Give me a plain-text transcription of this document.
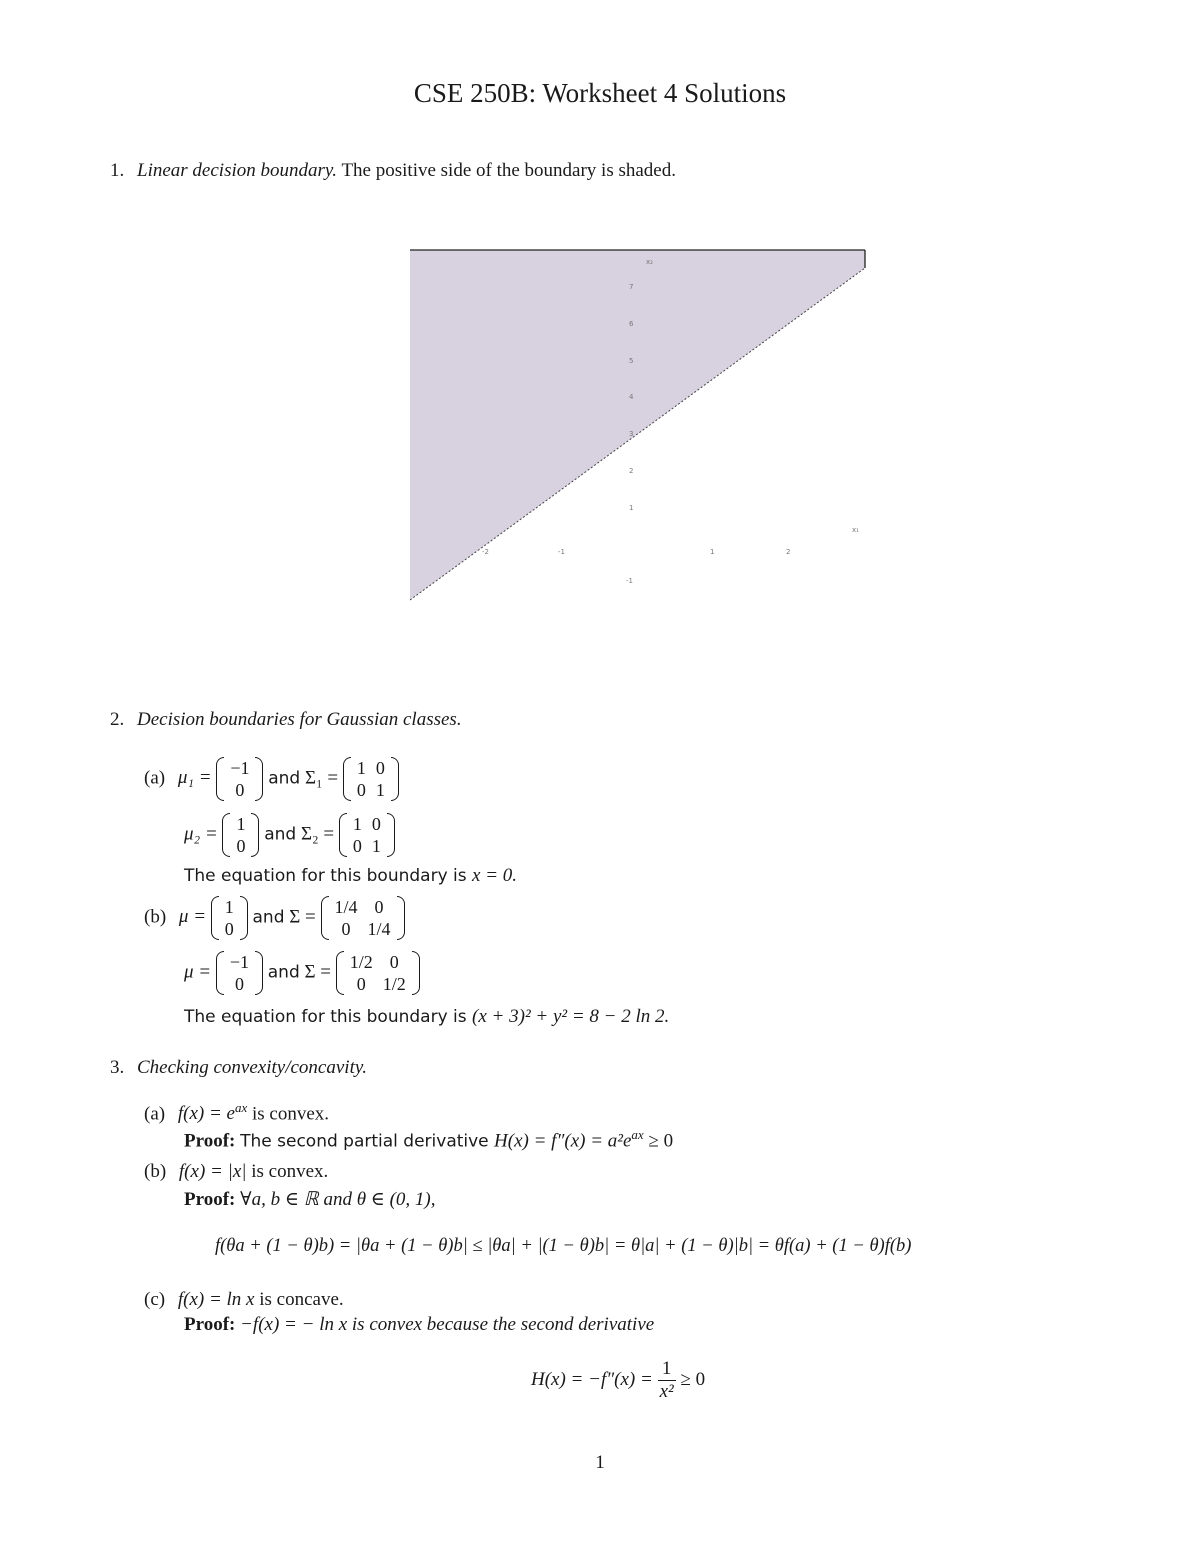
CSE 250B: Worksheet 4 Solutions
1. Linear decision boundary. The positive side of the boundary is shaded.
x₂
7
6
5
4
3
2
1
-1
x₁
-2	-1	1	2
2. Decision boundaries for Gaussian classes.
(a) μ₁ = −1
0
and Σ₁ = 1	0
0	1
μ₂ = 1
0
and Σ₂ = 1	0
0	1
The equation for this boundary is x = 0.
(b) μ = 1
0
and Σ = 1/4	0
0	1/4
μ = −1
0
and Σ = 1/2	0
0	1/2
The equation for this boundary is (x + 3)² + y² = 8 − 2 ln 2.
3. Checking convexity/concavity.
(a) $f(x) = e^{ax}$ is convex.
Proof: The second partial derivative $H(x) = f''(x) = a^2e^{ax} \ge 0$
(b) f(x) = |x| is convex.
Proof: ∀a, b ∈ ℝ and θ ∈ (0, 1),
f(θa + (1 − θ)b) = |θa + (1 − θ)b| ≤ |θa| + |(1 − θ)b| = θ|a| + (1 − θ)|b| = θf(a) + (1 − θ)f(b)
(c) f(x) = ln x is concave.
Proof: −f(x) = − ln x is convex because the second derivative
$H(x) = -f''(x) = \frac{1}{\text{x²}} \ge 0$
1
